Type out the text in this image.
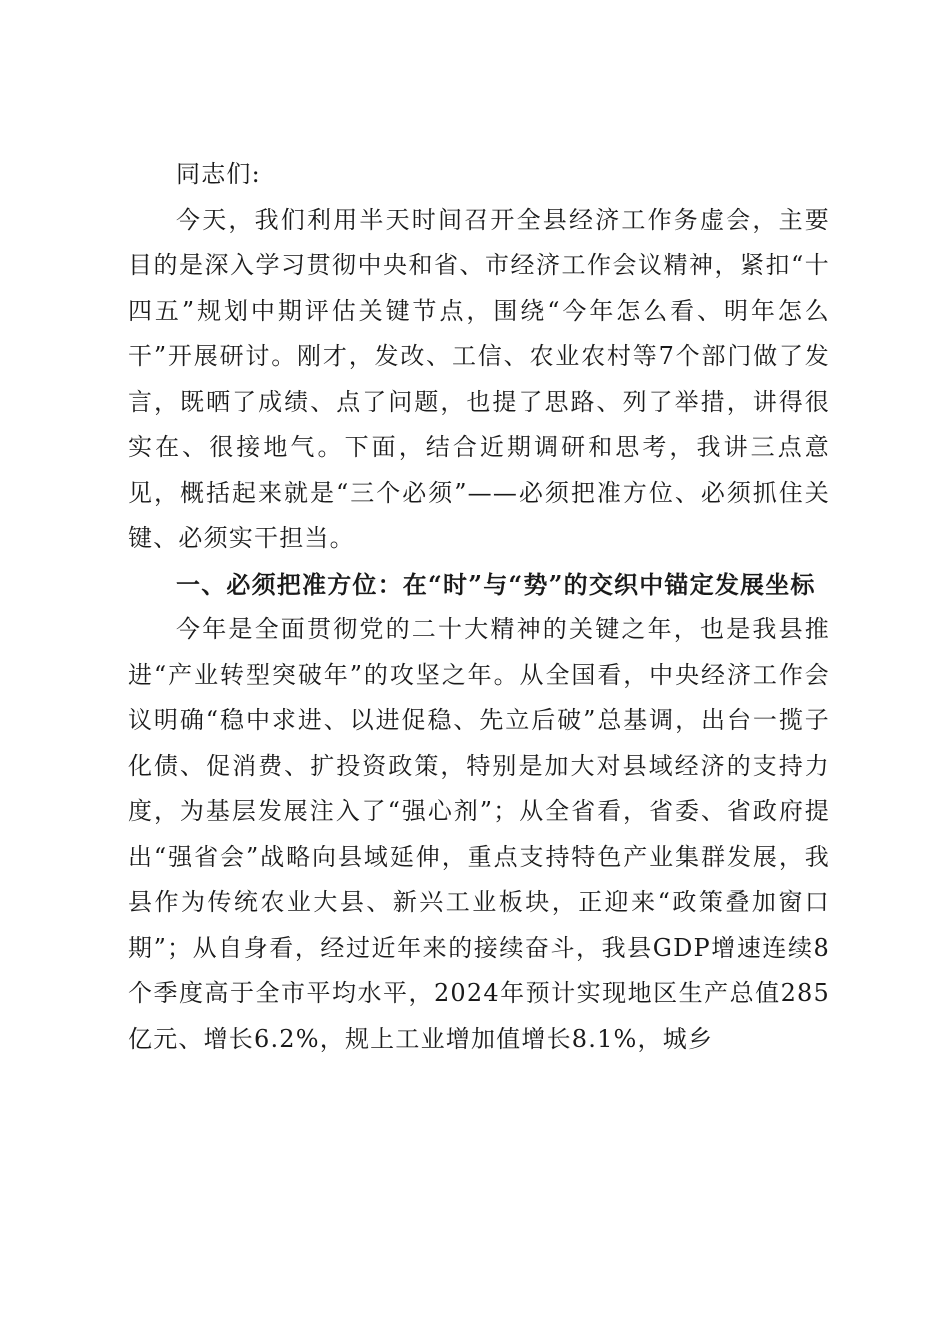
同志们:

今天，我们利用半天时间召开全县经济工作务虚会，主要目的是深入学习贯彻中央和省、市经济工作会议精神，紧扣“十四五”规划中期评估关键节点，围绕“今年怎么看、明年怎么干”开展研讨。刚才，发改、工信、农业农村等7个部门做了发言，既晒了成绩、点了问题，也提了思路、列了举措，讲得很实在、很接地气。下面，结合近期调研和思考，我讲三点意见，概括起来就是“三个必须”——必须把准方位、必须抓住关键、必须实干担当。

一、必须把准方位：在“时”与“势”的交织中锚定发展坐标

今年是全面贯彻党的二十大精神的关键之年，也是我县推进“产业转型突破年”的攻坚之年。从全国看，中央经济工作会议明确“稳中求进、以进促稳、先立后破”总基调，出台一揽子化债、促消费、扩投资政策，特别是加大对县域经济的支持力度，为基层发展注入了“强心剂”；从全省看，省委、省政府提出“强省会”战略向县域延伸，重点支持特色产业集群发展，我县作为传统农业大县、新兴工业板块，正迎来“政策叠加窗口期”；从自身看，经过近年来的接续奋斗，我县GDP增速连续8个季度高于全市平均水平，2024年预计实现地区生产总值285亿元、增长6.2%，规上工业增加值增长8.1%，城乡
